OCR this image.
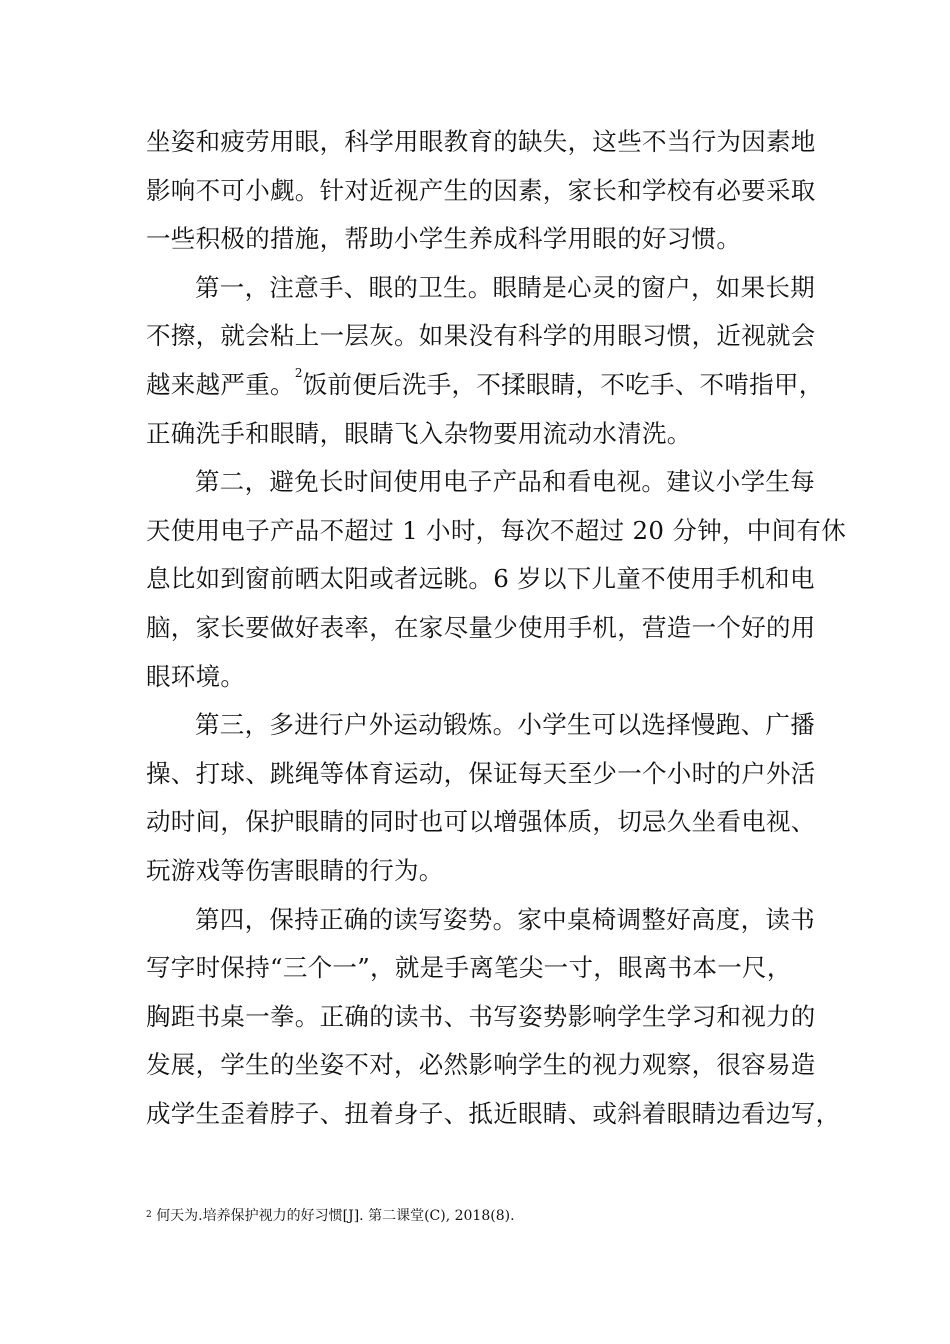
坐姿和疲劳用眼，科学用眼教育的缺失，这些不当行为因素地
影响不可小觑。针对近视产生的因素，家长和学校有必要采取
一些积极的措施，帮助小学生养成科学用眼的好习惯。
第一，注意手、眼的卫生。眼睛是心灵的窗户，如果长期
不擦，就会粘上一层灰。如果没有科学的用眼习惯，近视就会
越来越严重。$^2$饭前便后洗手，不揉眼睛，不吃手、不啃指甲，
正确洗手和眼睛，眼睛飞入杂物要用流动水清洗。
第二，避免长时间使用电子产品和看电视。建议小学生每
天使用电子产品不超过 1 小时，每次不超过 20 分钟，中间有休
息比如到窗前晒太阳或者远眺。6 岁以下儿童不使用手机和电
脑，家长要做好表率，在家尽量少使用手机，营造一个好的用
眼环境。
第三，多进行户外运动锻炼。小学生可以选择慢跑、广播
操、打球、跳绳等体育运动，保证每天至少一个小时的户外活
动时间，保护眼睛的同时也可以增强体质，切忌久坐看电视、
玩游戏等伤害眼睛的行为。
第四，保持正确的读写姿势。家中桌椅调整好高度，读书
写字时保持“三个一”，就是手离笔尖一寸，眼离书本一尺，
胸距书桌一拳。正确的读书、书写姿势影响学生学习和视力的
发展，学生的坐姿不对，必然影响学生的视力观察，很容易造
成学生歪着脖子、扭着身子、抵近眼睛、或斜着眼睛边看边写，
$^2$ 何天为.培养保护视力的好习惯[J]. 第二课堂(C), 2018(8).
